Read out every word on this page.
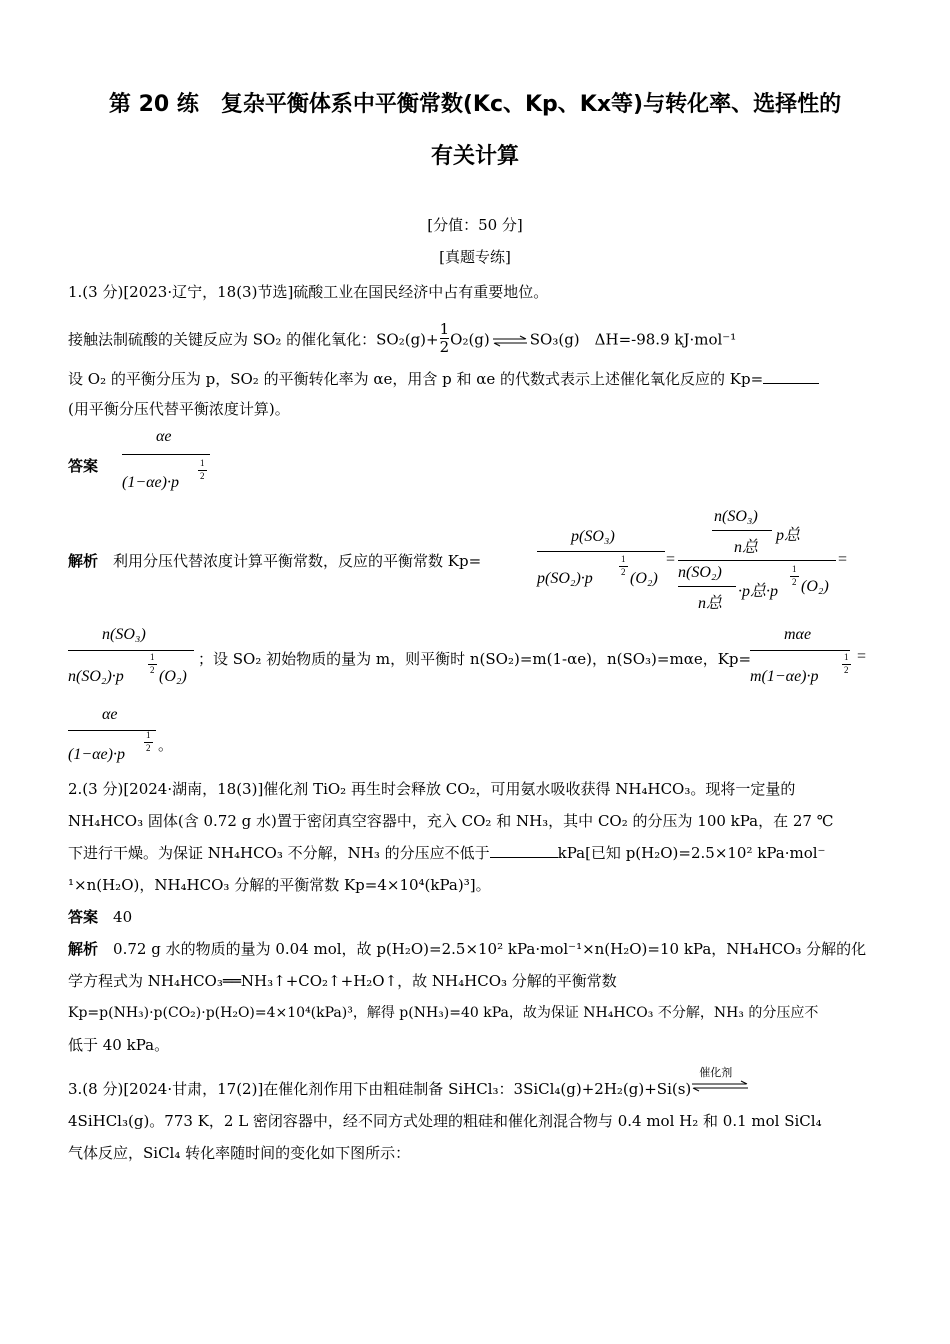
第 20 练　复杂平衡体系中平衡常数(Kc、Kp、Kx等)与转化率、选择性的
有关计算
[分值：50 分]
[真题专练]
1.(3 分)[2023·辽宁，18(3)节选]硫酸工业在国民经济中占有重要地位。
接触法制硫酸的关键反应为 SO₂ 的催化氧化：$SO_2(g)+ \frac{1}{2} O_2(g)$ ⇌ SO₃(g)　ΔH=-98.9 kJ·mol⁻¹
设 O₂ 的平衡分压为 p，SO₂ 的平衡转化率为 αe，用含 p 和 αe 的代数式表示上述催化氧化反应的 Kp=
(用平衡分压代替平衡浓度计算)。
答案
αe
(1−αe)·p
1
2
解析　 利用分压代替浓度计算平衡常数，反应的平衡常数 Kp=
p(SO₃)
p(SO₂)·p
1
2 (O₂)
=
n(SO₃)
n总
p总
n(SO₂)
n总
·p总·p
1
2 (O₂)
=
n(SO₃)
n(SO₂)·p
1
2 (O₂)
；设 SO₂ 初始物质的量为 m，则平衡时 n(SO₂)=m(1-αe)，n(SO₃)=mαe，Kp=
mαe
m(1−αe)·p
1
2
=
αe
(1−αe)·p
1
2 。
2.(3 分)[2024·湖南，18(3)]催化剂 TiO₂ 再生时会释放 CO₂，可用氨水吸收获得 NH₄HCO₃。现将一定量的
NH₄HCO₃ 固体(含 0.72 g 水)置于密闭真空容器中，充入 CO₂ 和 NH₃，其中 CO₂ 的分压为 100 kPa，在 27 ℃
下进行干燥。为保证 NH₄HCO₃ 不分解，NH₃ 的分压应不低于	kPa[已知 p(H₂O)=2.5×10² kPa·mol⁻
¹×n(H₂O)，NH₄HCO₃ 分解的平衡常数 Kp=4×10⁴(kPa)³]。
答案　 40
解析　 0.72 g 水的物质的量为 0.04 mol，故 p(H₂O)=2.5×10² kPa·mol⁻¹×n(H₂O)=10 kPa，NH₄HCO₃ 分解的化
学方程式为 NH₄HCO₃══NH₃↑+CO₂↑+H₂O↑，故 NH₄HCO₃ 分解的平衡常数
Kp=p(NH₃)·p(CO₂)·p(H₂O)=4×10⁴(kPa)³，解得 p(NH₃)=40 kPa，故为保证 NH₄HCO₃ 不分解，NH₃ 的分压应不
低于 40 kPa。
3.(8 分)[2024·甘肃，17(2)]在催化剂作用下由粗硅制备 SiHCl₃：3SiCl₄(g)+2H₂(g)+Si(s)
催化剂
4SiHCl₃(g)。773 K，2 L 密闭容器中，经不同方式处理的粗硅和催化剂混合物与 0.4 mol H₂ 和 0.1 mol SiCl₄
气体反应，SiCl₄ 转化率随时间的变化如下图所示：
